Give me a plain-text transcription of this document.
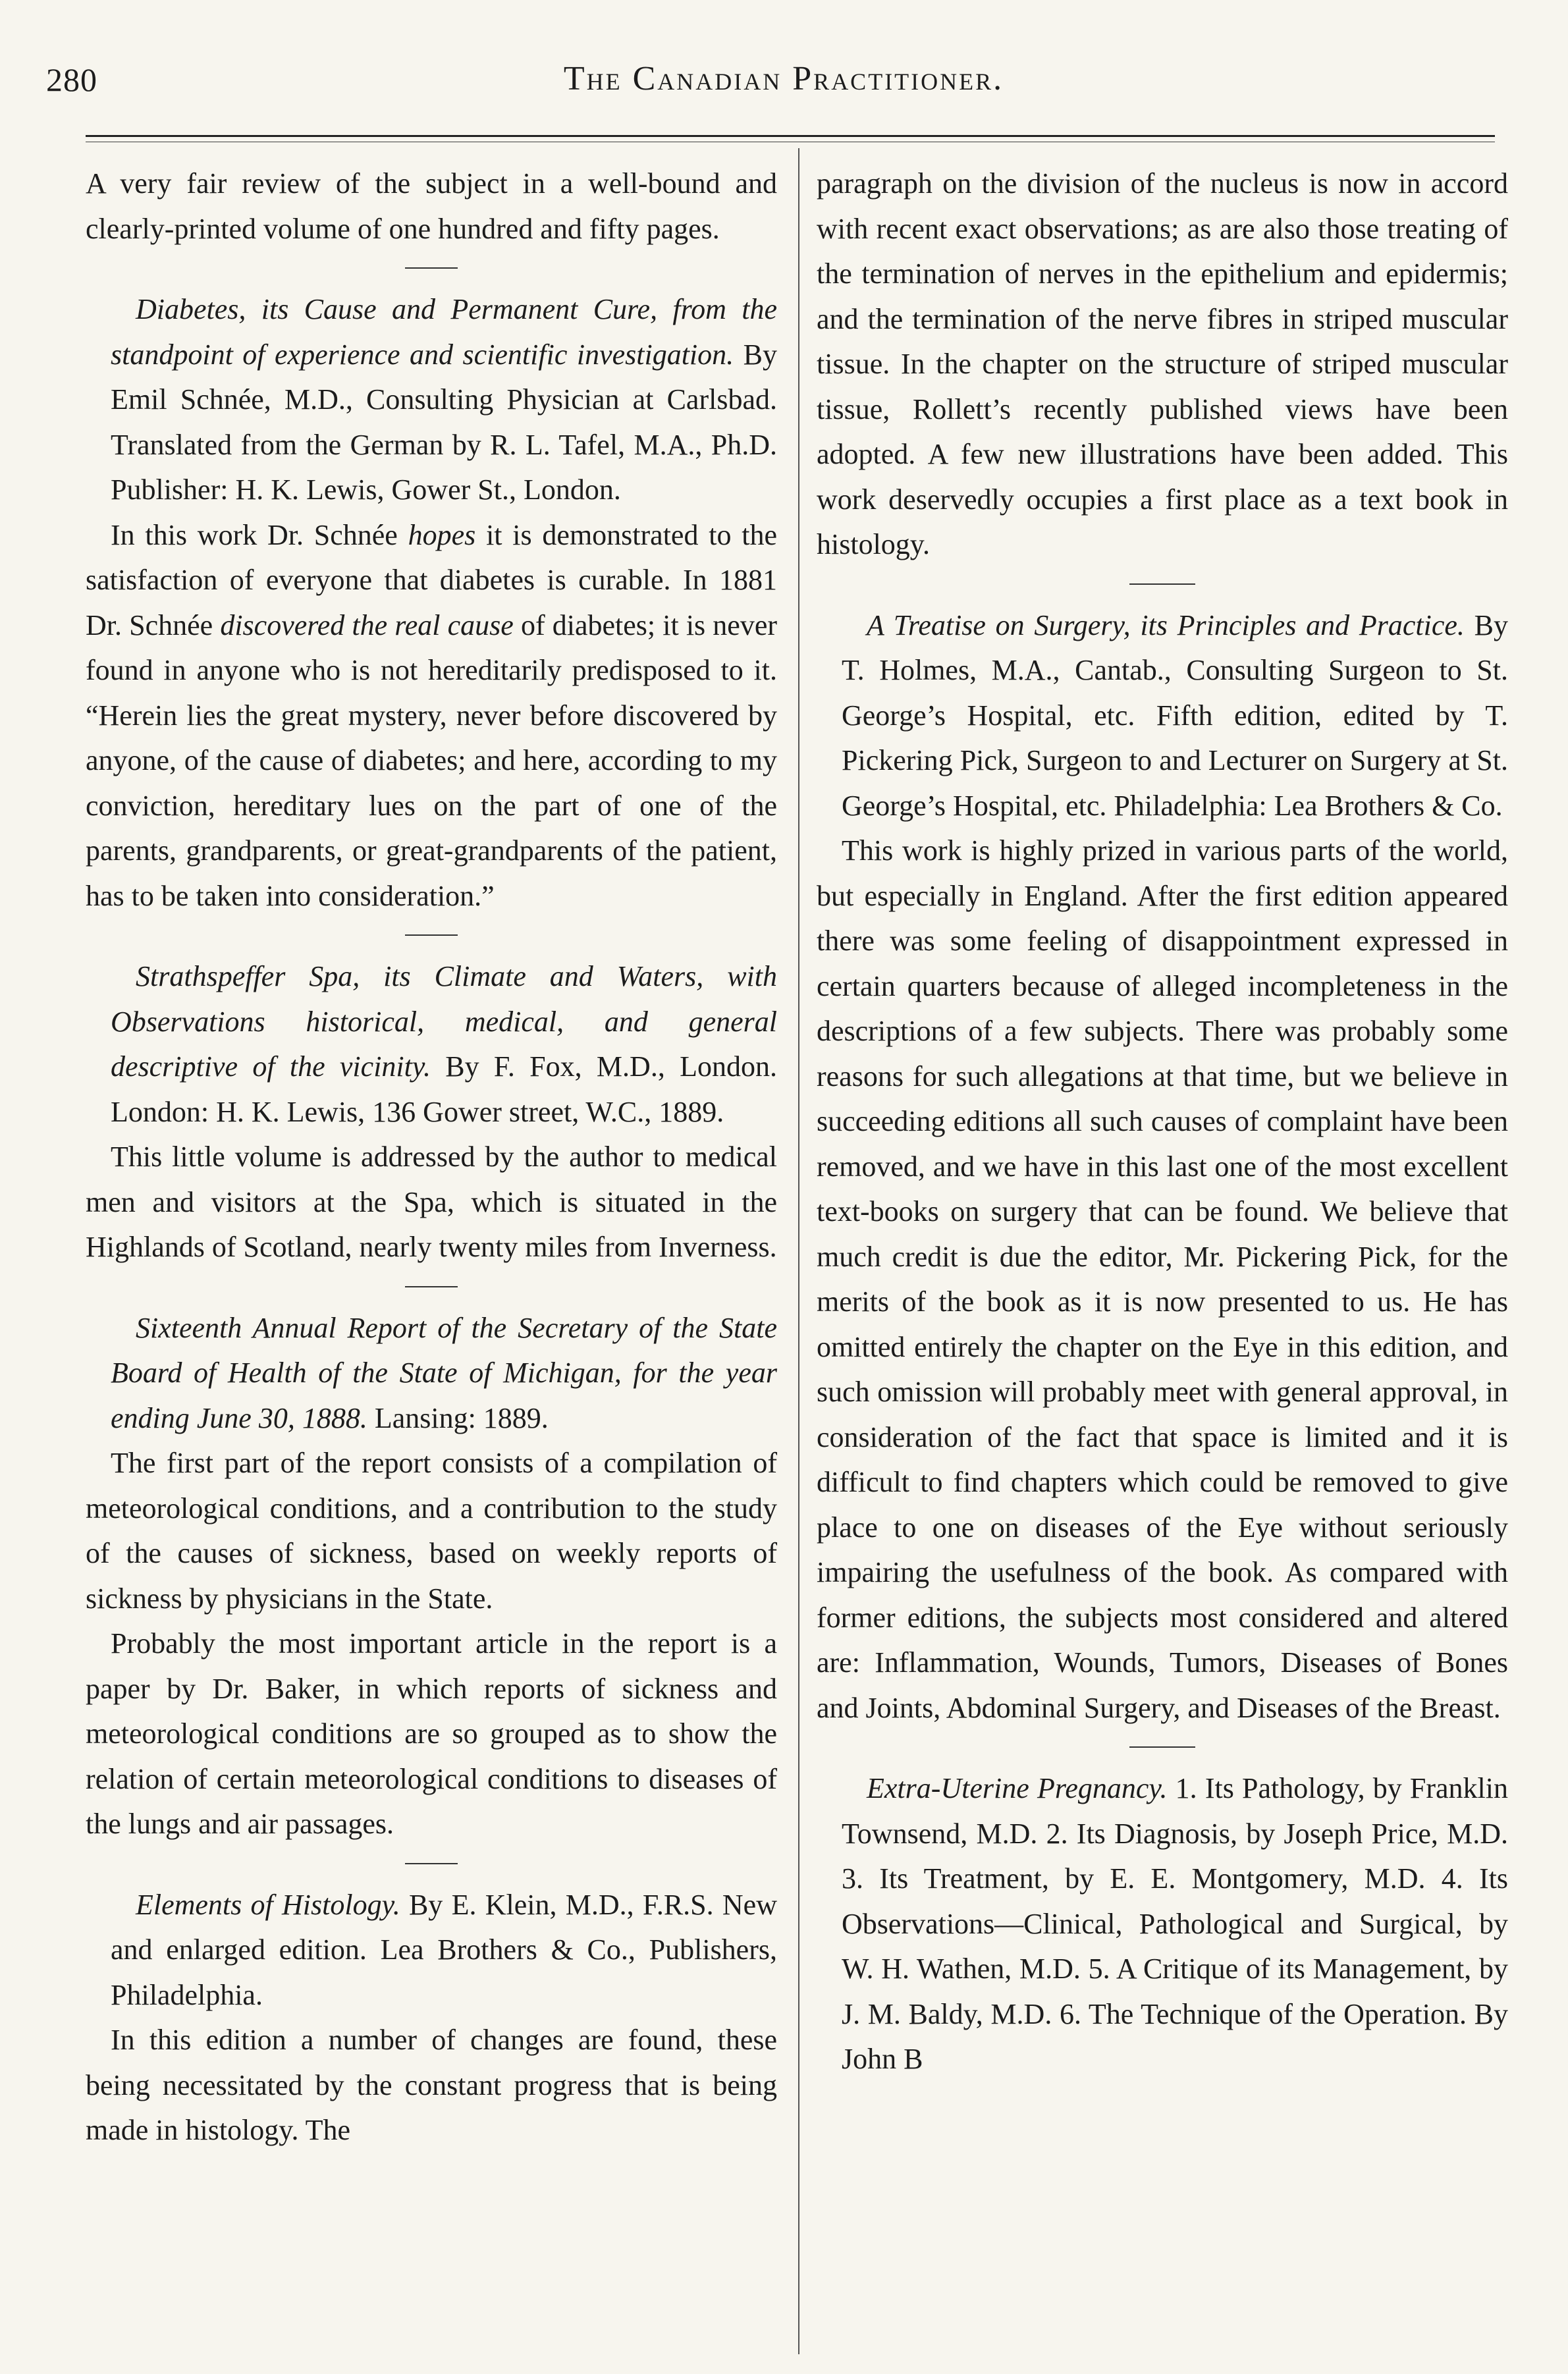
280	The Canadian Practitioner.

A very fair review of the subject in a well-bound and clearly-printed volume of one hundred and fifty pages.

Diabetes, its Cause and Permanent Cure, from the standpoint of experience and scientific investigation. By Emil Schnée, M.D., Consulting Physician at Carlsbad. Translated from the German by R. L. Tafel, M.A., Ph.D. Publisher: H. K. Lewis, Gower St., London.

In this work Dr. Schnée hopes it is demonstrated to the satisfaction of everyone that diabetes is curable. In 1881 Dr. Schnée discovered the real cause of diabetes; it is never found in anyone who is not hereditarily predisposed to it. “Herein lies the great mystery, never before discovered by anyone, of the cause of diabetes; and here, according to my conviction, hereditary lues on the part of one of the parents, grandparents, or great-grandparents of the patient, has to be taken into consideration.”

Strathspeffer Spa, its Climate and Waters, with Observations historical, medical, and general descriptive of the vicinity. By F. Fox, M.D., London. London: H. K. Lewis, 136 Gower street, W.C., 1889.

This little volume is addressed by the author to medical men and visitors at the Spa, which is situated in the Highlands of Scotland, nearly twenty miles from Inverness.

Sixteenth Annual Report of the Secretary of the State Board of Health of the State of Michigan, for the year ending June 30, 1888. Lansing: 1889.

The first part of the report consists of a compilation of meteorological conditions, and a contribution to the study of the causes of sickness, based on weekly reports of sickness by physicians in the State.

Probably the most important article in the report is a paper by Dr. Baker, in which reports of sickness and meteorological conditions are so grouped as to show the relation of certain meteorological conditions to diseases of the lungs and air passages.

Elements of Histology. By E. Klein, M.D., F.R.S. New and enlarged edition. Lea Brothers & Co., Publishers, Philadelphia.

In this edition a number of changes are found, these being necessitated by the constant progress that is being made in histology. The

paragraph on the division of the nucleus is now in accord with recent exact observations; as are also those treating of the termination of nerves in the epithelium and epidermis; and the termination of the nerve fibres in striped muscular tissue. In the chapter on the structure of striped muscular tissue, Rollett’s recently published views have been adopted. A few new illustrations have been added. This work deservedly occupies a first place as a text book in histology.

A Treatise on Surgery, its Principles and Practice. By T. Holmes, M.A., Cantab., Consulting Surgeon to St. George’s Hospital, etc. Fifth edition, edited by T. Pickering Pick, Surgeon to and Lecturer on Surgery at St. George’s Hospital, etc. Philadelphia: Lea Brothers & Co.

This work is highly prized in various parts of the world, but especially in England. After the first edition appeared there was some feeling of disappointment expressed in certain quarters because of alleged incompleteness in the descriptions of a few subjects. There was probably some reasons for such allegations at that time, but we believe in succeeding editions all such causes of complaint have been removed, and we have in this last one of the most excellent text-books on surgery that can be found. We believe that much credit is due the editor, Mr. Pickering Pick, for the merits of the book as it is now presented to us. He has omitted entirely the chapter on the Eye in this edition, and such omission will probably meet with general approval, in consideration of the fact that space is limited and it is difficult to find chapters which could be removed to give place to one on diseases of the Eye without seriously impairing the usefulness of the book. As compared with former editions, the subjects most considered and altered are: Inflammation, Wounds, Tumors, Diseases of Bones and Joints, Abdominal Surgery, and Diseases of the Breast.

Extra-Uterine Pregnancy. 1. Its Pathology, by Franklin Townsend, M.D. 2. Its Diagnosis, by Joseph Price, M.D. 3. Its Treatment, by E. E. Montgomery, M.D. 4. Its Observations—Clinical, Pathological and Surgical, by W. H. Wathen, M.D. 5. A Critique of its Management, by J. M. Baldy, M.D. 6. The Technique of the Operation. By John B
